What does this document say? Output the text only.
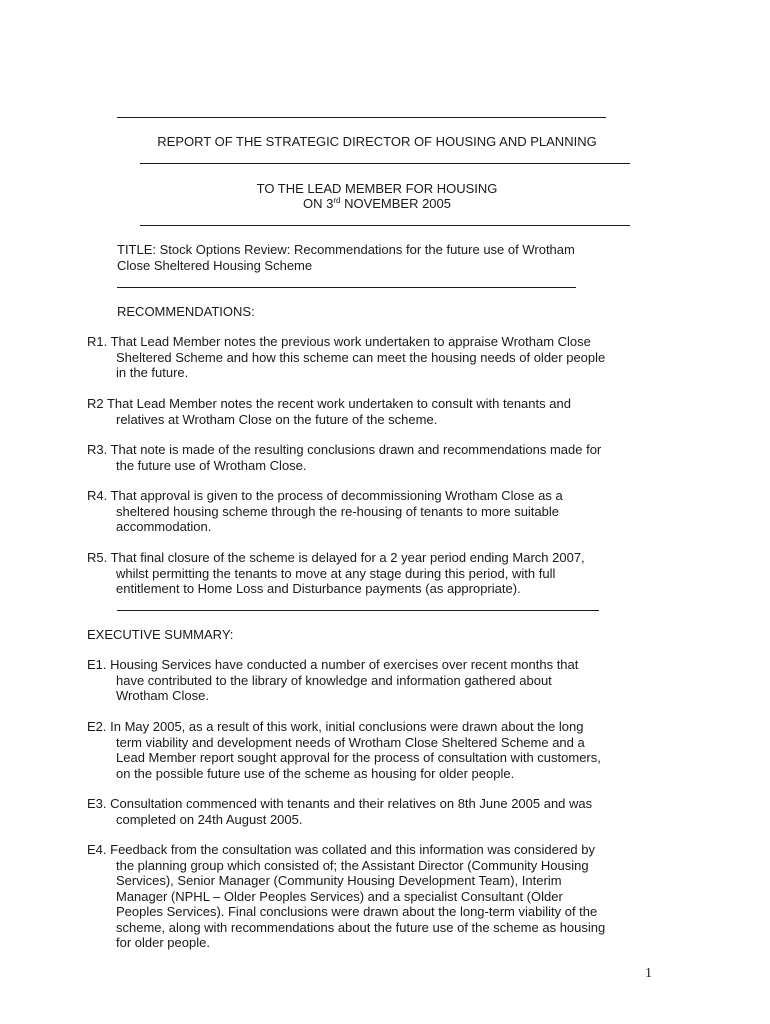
REPORT OF THE STRATEGIC DIRECTOR OF HOUSING AND PLANNING
TO THE LEAD MEMBER FOR HOUSING
ON 3rd NOVEMBER 2005
TITLE: Stock Options Review: Recommendations for the future use of Wrotham
Close Sheltered Housing Scheme
RECOMMENDATIONS:
R1. That Lead Member notes the previous work undertaken to appraise Wrotham Close
Sheltered Scheme and how this scheme can meet the housing needs of older people
in the future.
R2 That Lead Member notes the recent work undertaken to consult with tenants and
relatives at Wrotham Close on the future of the scheme.
R3. That note is made of the resulting conclusions drawn and recommendations made for
the future use of Wrotham Close.
R4. That approval is given to the process of decommissioning Wrotham Close as a
sheltered housing scheme through the re-housing of tenants to more suitable
accommodation.
R5. That final closure of the scheme is delayed for a 2 year period ending March 2007,
whilst permitting the tenants to move at any stage during this period, with full
entitlement to Home Loss and Disturbance payments (as appropriate).
EXECUTIVE SUMMARY:
E1. Housing Services have conducted a number of exercises over recent months that
have contributed to the library of knowledge and information gathered about
Wrotham Close.
E2. In May 2005, as a result of this work, initial conclusions were drawn about the long
term viability and development needs of Wrotham Close Sheltered Scheme and a
Lead Member report sought approval for the process of consultation with customers,
on the possible future use of the scheme as housing for older people.
E3. Consultation commenced with tenants and their relatives on 8th June 2005 and was
completed on 24th August 2005.
E4. Feedback from the consultation was collated and this information was considered by
the planning group which consisted of; the Assistant Director (Community Housing
Services), Senior Manager (Community Housing Development Team), Interim
Manager (NPHL – Older Peoples Services) and a specialist Consultant (Older
Peoples Services). Final conclusions were drawn about the long-term viability of the
scheme, along with recommendations about the future use of the scheme as housing
for older people.
1
